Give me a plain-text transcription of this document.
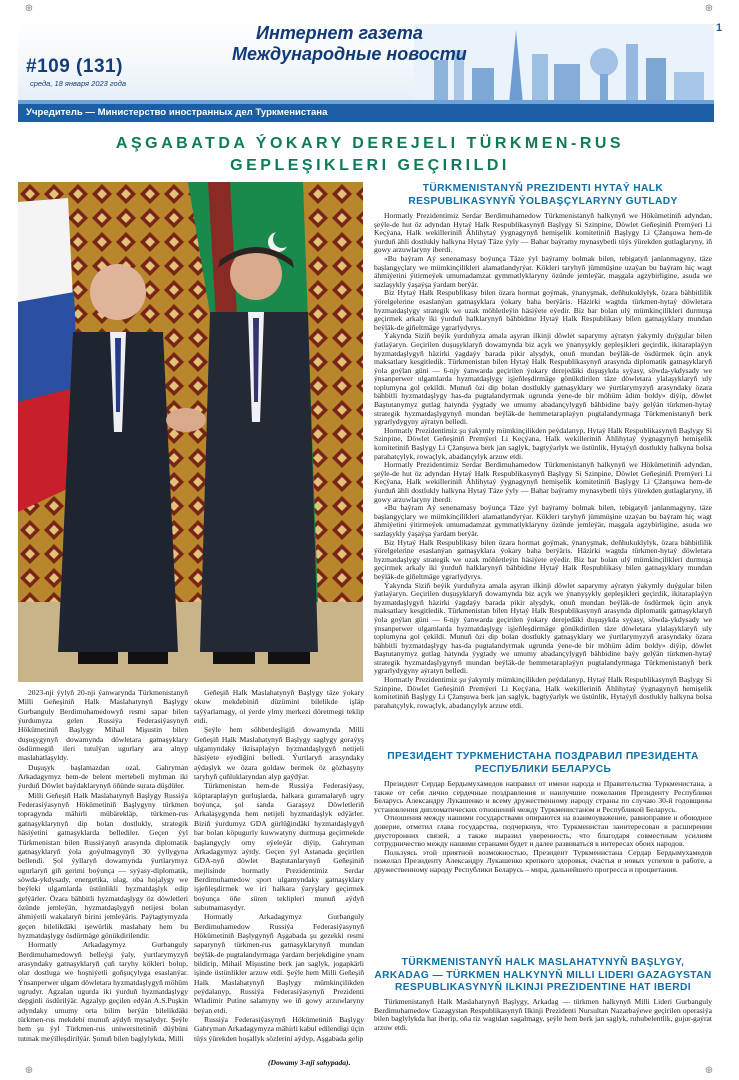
⊕	⊕
⊕	⊕
#109 (131)
среда, 18 января 2023 года
Интернет газета
Международные новости
Учредитель — Министерство иностранных дел Туркменистана
1
AŞGABATDA ÝOKARY DEREJELI TÜRKMEN-RUS
GEPLEŞIKLERI GEÇIRILDI

2023-nji ýylyň 20-nji ýanwarynda Türkmenistanyň Milli Geňeşiniň Halk Maslahatynyň Başlygy Gurbanguly Berdimuhamedowyň resmi sapar bilen ýurdumyza gelen Russiýa Federasiýasynyň Hökümetiniň Başlygy Mihail Mişustin bilen duşuşygynyň dowamynda döwletara gatnaşyklary ösdürmegiň ileri tutulýan ugurlary ara alnyp maslahatlaşyldy.

Duşuşyk başlamazdan ozal, Gahryman Arkadagymyz hem-de belent mertebeli myhman iki ýurduň Döwlet baýdaklarynyň öňünde surata düşdüler.

Milli Geňeşiň Halk Maslahatynyň Başlygy Russiýa Federasiýasynyň Hökümetiniň Başlygyny türkmen topragynda mähirli mübärekläp, türkmen-rus gatnaşyklarynyň dip bolan dostlukly, strategik häsiýetini gatnaşyklarda bellediler. Geçen ýyl Türkmenistan bilen Russiýanyň arasynda diplomatik gatnaşyklaryň ýola goýulmagynyň 30 ýyllygyna bellendi. Şol ýyllaryň dowamynda ýurtlarymyz ugurlaryň giň gerimi boýunça — syýasy-diplomatik, söwda-ykdysady, energetika, ulag, oba hojalygy we beýleki ulgamlarda üstünlikli hyzmatdaşlyk edip gelýärler. Özara bähbitli hyzmatdaşlygy öz döwletleri özünde jemleýän, hyzmatdaşlygyň netijesi bolan ähmiýetli wakalaryň birini jemleýäris. Paýtagtymyzda geçen bilelikdäki işewürlik maslahaty hem bu hyzmatdaşlygy ösdürmäge gönükdirilendir.

Hormatly Arkadagymyz Gurbanguly Berdimuhamedowyň belleýşi ýaly, ýurtlarymyzyň arasyndaky gatnaşyklaryň çuň taryhy kökleri bolup, olar dostluga we hoşniýetli goňşuçylyga esaslanýar. Ýnsanperwer ulgam döwletara hyzmatdaşlygyň möhüm ugrudyr. Agzalan ugurda iki ýurduň hyzmatdaşlygy depginli ösdürilýär. Agzalyp geçilen edýän A.S.Puşkin adyndaky umumy orta bilim berýän bilelikdäki türkmen-rus mekdebi munuň aýdyň mysalydyr. Şeýle hem şu ýyl Türkmen-rus uniwersitetiniň düýbüni tutmak meýilleşdirilýär. Şunuň bilen baglylykda, Milli

Geňeşiň Halk Maslahatynyň Başlygy täze ýokary okuw mekdebiniň düzümini bilelikde işläp taýýarlamagy, ol ýerde ylmy merkezi döretmegi teklip etdi.

Şeýle hem söhbetdeşligiň dowamynda Milli Geňeşiň Halk Maslahatynyň Başlygy saglygy goraýyş ulgamyndaky iktisaplaýyn hyzmatdaşlygyň netijeli häsiýete eýediğini belledi. Ýurtlaryň arasyndaky aýdaşlyk we özara goldaw bermek öz gözbaşyny taryhyň çuňluklaryndan alyp gaýdýar.

Türkmenistan hem-de Russiýa Federasiýasy, köptaraplaýyn gurluşlarda, halkara guramalaryň ugry boýunça, şol sanda Garaşsyz Döwletleriň Arkalaşygynda hem netijeli hyzmatdaşlyk edýärler. Biziň ýurdumyz GDA gürlüğindäki hyzmatdaşlygyň bar bolan köpugurly kuwwatyny durmuşa geçirmekde başlangyçly orny eýeleýär diýip, Gahryman Arkadagymyz aýtdy. Geçen ýyl Astanada geçirilen GDA-nyň döwlet Baştutanlarynyň Geňeşiniň mejlisinde hormatly Prezidentimiz Serdar Berdimuhamedow sport ulgamyndaky gatnaşyklary işjeňleşdirmek we iri halkara ýaryşlary geçirmek boýunça öňe süren teklipleri munuň aýdyň subutnamasydyr.

Hormatly Arkadagymyz Gurbanguly Berdimuhamedow Russiýa Federasiýasynyň Hökümetiniň Başlygynyň Aşgabada şu gezekki resmi saparynyň türkmen-rus gatnaşyklarynyň mundan beýläk-de pugtalandyrmaga ýardam berjekdigine ynam bildirip, Mihail Mişustine berk jan saglyk, jogapkärli işinde üstünlikler arzuw etdi. Şeýle hem Milli Geňeşiň Halk Maslahatynyň Başlygy mümkinçilikden peýdalanyp, Russiýa Federasiýasynyň Prezidenti Wladimir Putine salamyny we iň gowy arzuwlaryny beýan etdi.

Russiýa Federasiýasynyň Hökümetiniň Başlygy Gahryman Arkadagymyza mähirli kabul edilendigi üçin tüýs ýürekden hoşallyk sözlerini aýdyp, Aşgabada gelip

(Dowamy 3-nji sahypada).
TÜRKMENISTANYŇ PREZIDENTI HYTAÝ HALK RESPUBLIKASYNYŇ ÝOLBAŞÇYLARYNY GUTLADY

Hormatly Prezidentimiz Serdar Berdimuhamedow Türkmenistanyň halkynyň we Hökümetiniň adyndan, şeýle-de hut öz adyndan Hytaý Halk Respublikasynyň Başlygy Si Szinpine, Döwlet Geňeşiniň Premýeri Li Keçýana, Halk wekilleriniň Ählihytaý ýygnagynyň hemişelik komitetiniň Başlygy Li Çžanşuwa hem-de ýurduň ähli dostlukly halkyna Hytaý Täze ýyly — Bahar baýramy mynasybetli tüýs ýürekden gutlaglaryny, iň gowy arzuwlaryny iberdi.

«Bu baýram Aý senenamasy boýunça Täze ýyl baýramy bolmak bilen, tebigatyň janlanmagyny, täze başlangyçlary we mümkinçilikleri alamatlandyrýar. Kökleri taryhyň jümmüşine uzaýan bu baýram hiç wagt ähmiýetini ýitirmeýek umumadamzat gymmatlyklaryny özünde jemleýär, maşgala agzybirligine, asuda we sazlaşykly ýaşaýşa ýardam berýär.

Biz Hytaý Halk Respublikasy bilen özara hormat goýmak, ýnanyşmak, deňhukuklylyk, özara bähbitlilik ýörelgelerine esaslanýan gatnaşyklara ýokary baha berýäris. Häzirki wagtda türkmen-hytaý döwletara hyzmatdaşlygy strategik we uzak möhletleýin häsiýete eýedir. Biz bar bolan ulý mümkinçilikleri durmuşa geçirmek arkaly iki ýurduň halklarynyň bähbidine Hytaý Halk Respublikasy bilen gatnaşyklary mundan beýläk-de giňeltmäge ygrarlydyrys.

Ýakynda Siziň beýik ýurduňyza amala aşyran ilkinji döwlet saparymy aýratyn ýakymly duýgular bilen ýatlaýaryn. Geçirilen duşuşyklaryň dowamynda biz açyk we ýnanyşykly gepleşikleri geçirdik, ikitaraplaýyn hyzmatdaşlygyň häzirki ýagdaýy barada pikir alyşdyk, onuň mundan beýläk-de ösdürmek üçin anyk maksatlary kesgitledik. Türkmenistan bilen Hytaý Halk Respublikasynyň arasynda diplomatik gatnaşyklaryň ýola goýlan güni — 6-njy ýanwarda geçirilen ýokary derejedäki duşuşykda syýasy, söwda-ykdysady we ýnsanperwer ulgamlarda hyzmatdaşlygy işjeňleşdirmäge gönükdirilen täze döwletara ylalaşyklaryň uly toplumyna gol çekildi. Munuň özi dip bolan dostlukly gatnaşyklary we ýurtlarymyzyň arasyndaky özara bähbitli hyzmatdaşlygy has-da pugtalandyrmak ugrunda ýene-de bir möhüm ädim boldy» diýip, döwlet Baştutanymyz gutlag hatynda ýygtady we umumy abadançylygyň bähbidine baýy gelýän türkmen-hytaý strategik hyzmatdaşlygynyň mundan beýläk-de hemmetaraplaýyn pugtalandyrmaga Türkmenistanyň berk ygrarlydygyny aýratyn belledi.

Hormatly Prezidentimiz şu ýakymly mümkinçilikden peýdalanyp, Hytaý Halk Respublikasynyň Başlygy Si Szinpine, Döwlet Geňeşiniň Premýeri Li Keçýana, Halk wekilleriniň Ählihytaý ýygnagynyň hemişelik komitetiniň Başlygy Li Çžanşuwa berk jan saglyk, bagtyýarlyk we üstünlik, Hytaýyň dostlukly halkyna bolsa parahatçylyk, rowaçlyk, abadançylyk arzuw etdi.

Hormatly Prezidentimiz Serdar Berdimuhamedow Türkmenistanyň halkynyň we Hökümetiniň adyndan, şeýle-de hut öz adyndan Hytaý Halk Respublikasynyň Başlygy Si Szinpine, Döwlet Geňeşiniň Premýeri Li Keçýana, Halk wekilleriniň Ählihytaý ýygnagynyň hemişelik komitetiniň Başlygy Li Çžanşuwa hem-de ýurduň ähli dostlukly halkyna Hytaý Täze ýyly — Bahar baýramy mynasybetli tüýs ýürekden gutlaglaryny, iň gowy arzuwlaryny iberdi.

«Bu baýram Aý senenamasy boýunça Täze ýyl baýramy bolmak bilen, tebigatyň janlanmagyny, täze başlangyçlary we mümkinçilikleri alamatlandyrýar. Kökleri taryhyň jümmüşine uzaýan bu baýram hiç wagt ähmiýetini ýitirmeýek umumadamzat gymmatlyklaryny özünde jemleýär, maşgala agzybirligine, asuda we sazlaşykly ýaşaýşa ýardam berýär.

Biz Hytaý Halk Respublikasy bilen özara hormat goýmak, ýnanyşmak, deňhukuklylyk, özara bähbitlilik ýörelgelerine esaslanýan gatnaşyklara ýokary baha berýäris. Häzirki wagtda türkmen-hytaý döwletara hyzmatdaşlygy strategik we uzak möhletleýin häsiýete eýedir. Biz bar bolan ulý mümkinçilikleri durmuşa geçirmek arkaly iki ýurduň halklarynyň bähbidine Hytaý Halk Respublikasy bilen gatnaşyklary mundan beýläk-de giňeltmäge ygrarlydyrys.

Ýakynda Siziň beýik ýurduňyza amala aşyran ilkinji döwlet saparymy aýratyn ýakymly duýgular bilen ýatlaýaryn. Geçirilen duşuşyklaryň dowamynda biz açyk we ýnanyşykly gepleşikleri geçirdik, ikitaraplaýyn hyzmatdaşlygyň häzirki ýagdaýy barada pikir alyşdyk, onuň mundan beýläk-de ösdürmek üçin anyk maksatlary kesgitledik. Türkmenistan bilen Hytaý Halk Respublikasynyň arasynda diplomatik gatnaşyklaryň ýola goýlan güni — 6-njy ýanwarda geçirilen ýokary derejedäki duşuşykda syýasy, söwda-ykdysady we ýnsanperwer ulgamlarda hyzmatdaşlygy işjeňleşdirmäge gönükdirilen täze döwletara ylalaşyklaryň uly toplumyna gol çekildi. Munuň özi dip bolan dostlukly gatnaşyklary we ýurtlarymyzyň arasyndaky özara bähbitli hyzmatdaşlygy has-da pugtalandyrmak ugrunda ýene-de bir möhüm ädim boldy» diýip, döwlet Baştutanymyz gutlag hatynda ýygtady we umumy abadançylygyň bähbidine baýy gelýän türkmen-hytaý strategik hyzmatdaşlygynyň mundan beýläk-de hemmetaraplaýyn pugtalandyrmaga Türkmenistanyň berk ygrarlydygyny aýratyn belledi.

Hormatly Prezidentimiz şu ýakymly mümkinçilikden peýdalanyp, Hytaý Halk Respublikasynyň Başlygy Si Szinpine, Döwlet Geňeşiniň Premýeri Li Keçýana, Halk wekilleriniň Ählihytaý ýygnagynyň hemişelik komitetiniň Başlygy Li Çžanşuwa berk jan saglyk, bagtyýarlyk we üstünlik, Hytaýyň dostlukly halkyna bolsa parahatçylyk, rowaçlyk, abadançylyk arzuw etdi.

ПРЕЗИДЕНТ ТУРКМЕНИСТАНА ПОЗДРАВИЛ ПРЕЗИДЕНТА РЕСПУБЛИКИ БЕЛАРУСЬ

Президент Сердар Бердымухамедов направил от имени народа и Правительства Туркменистана, а также от себя лично сердечные поздравления и наилучшие пожелания Президенту Республики Беларусь Александру Лукашенко и всему дружественному народу страны по случаю 30-й годовщины установления дипломатических отношений между Туркменистаном и Республикой Беларусь.

Отношения между нашими государствами опираются на взаимоуважение, равноправие и обоюдное доверие, отметил глава государства, подчеркнув, что Туркменистан заинтересован в расширении двусторонних связей, а также выразил уверенность, что благодаря совместным усилиям сотрудничество между нашими странами будет и далее развиваться в интересах обоих народов.

Пользуясь этой приятной возможностью, Президент Туркменистана Сердар Бердымухамедов пожелал Президенту Александру Лукашенко крепкого здоровья, счастья и новых успехов в работе, а дружественному народу Республики Беларусь – мира, дальнейшего прогресса и процветания.

TÜRKMENISTANYŇ HALK MASLAHATYNYŇ BAŞLYGY, ARKADAG — TÜRKMEN HALKYNYŇ MILLI LIDERI GAZAGYSTAN RESPUBLIKASYNYŇ ILKINJI PREZIDENTINE HAT IBERDI

Türkmenistanyň Halk Maslahatynyň Başlygy, Arkadag — türkmen halkynyň Milli Lideri Gurbanguly Berdimuhamedow Gazagystan Respublikasynyň Ilkinji Prezidenti Nursultan Nazarbaýewe geçirilen operasiýa bilen baglylykda hat iberip, oňa tiz wagtdan sagalmagy, şeýle hem berk jan saglyk, ruhubelentlik, gujur-gaýrat arzuw etdi.
